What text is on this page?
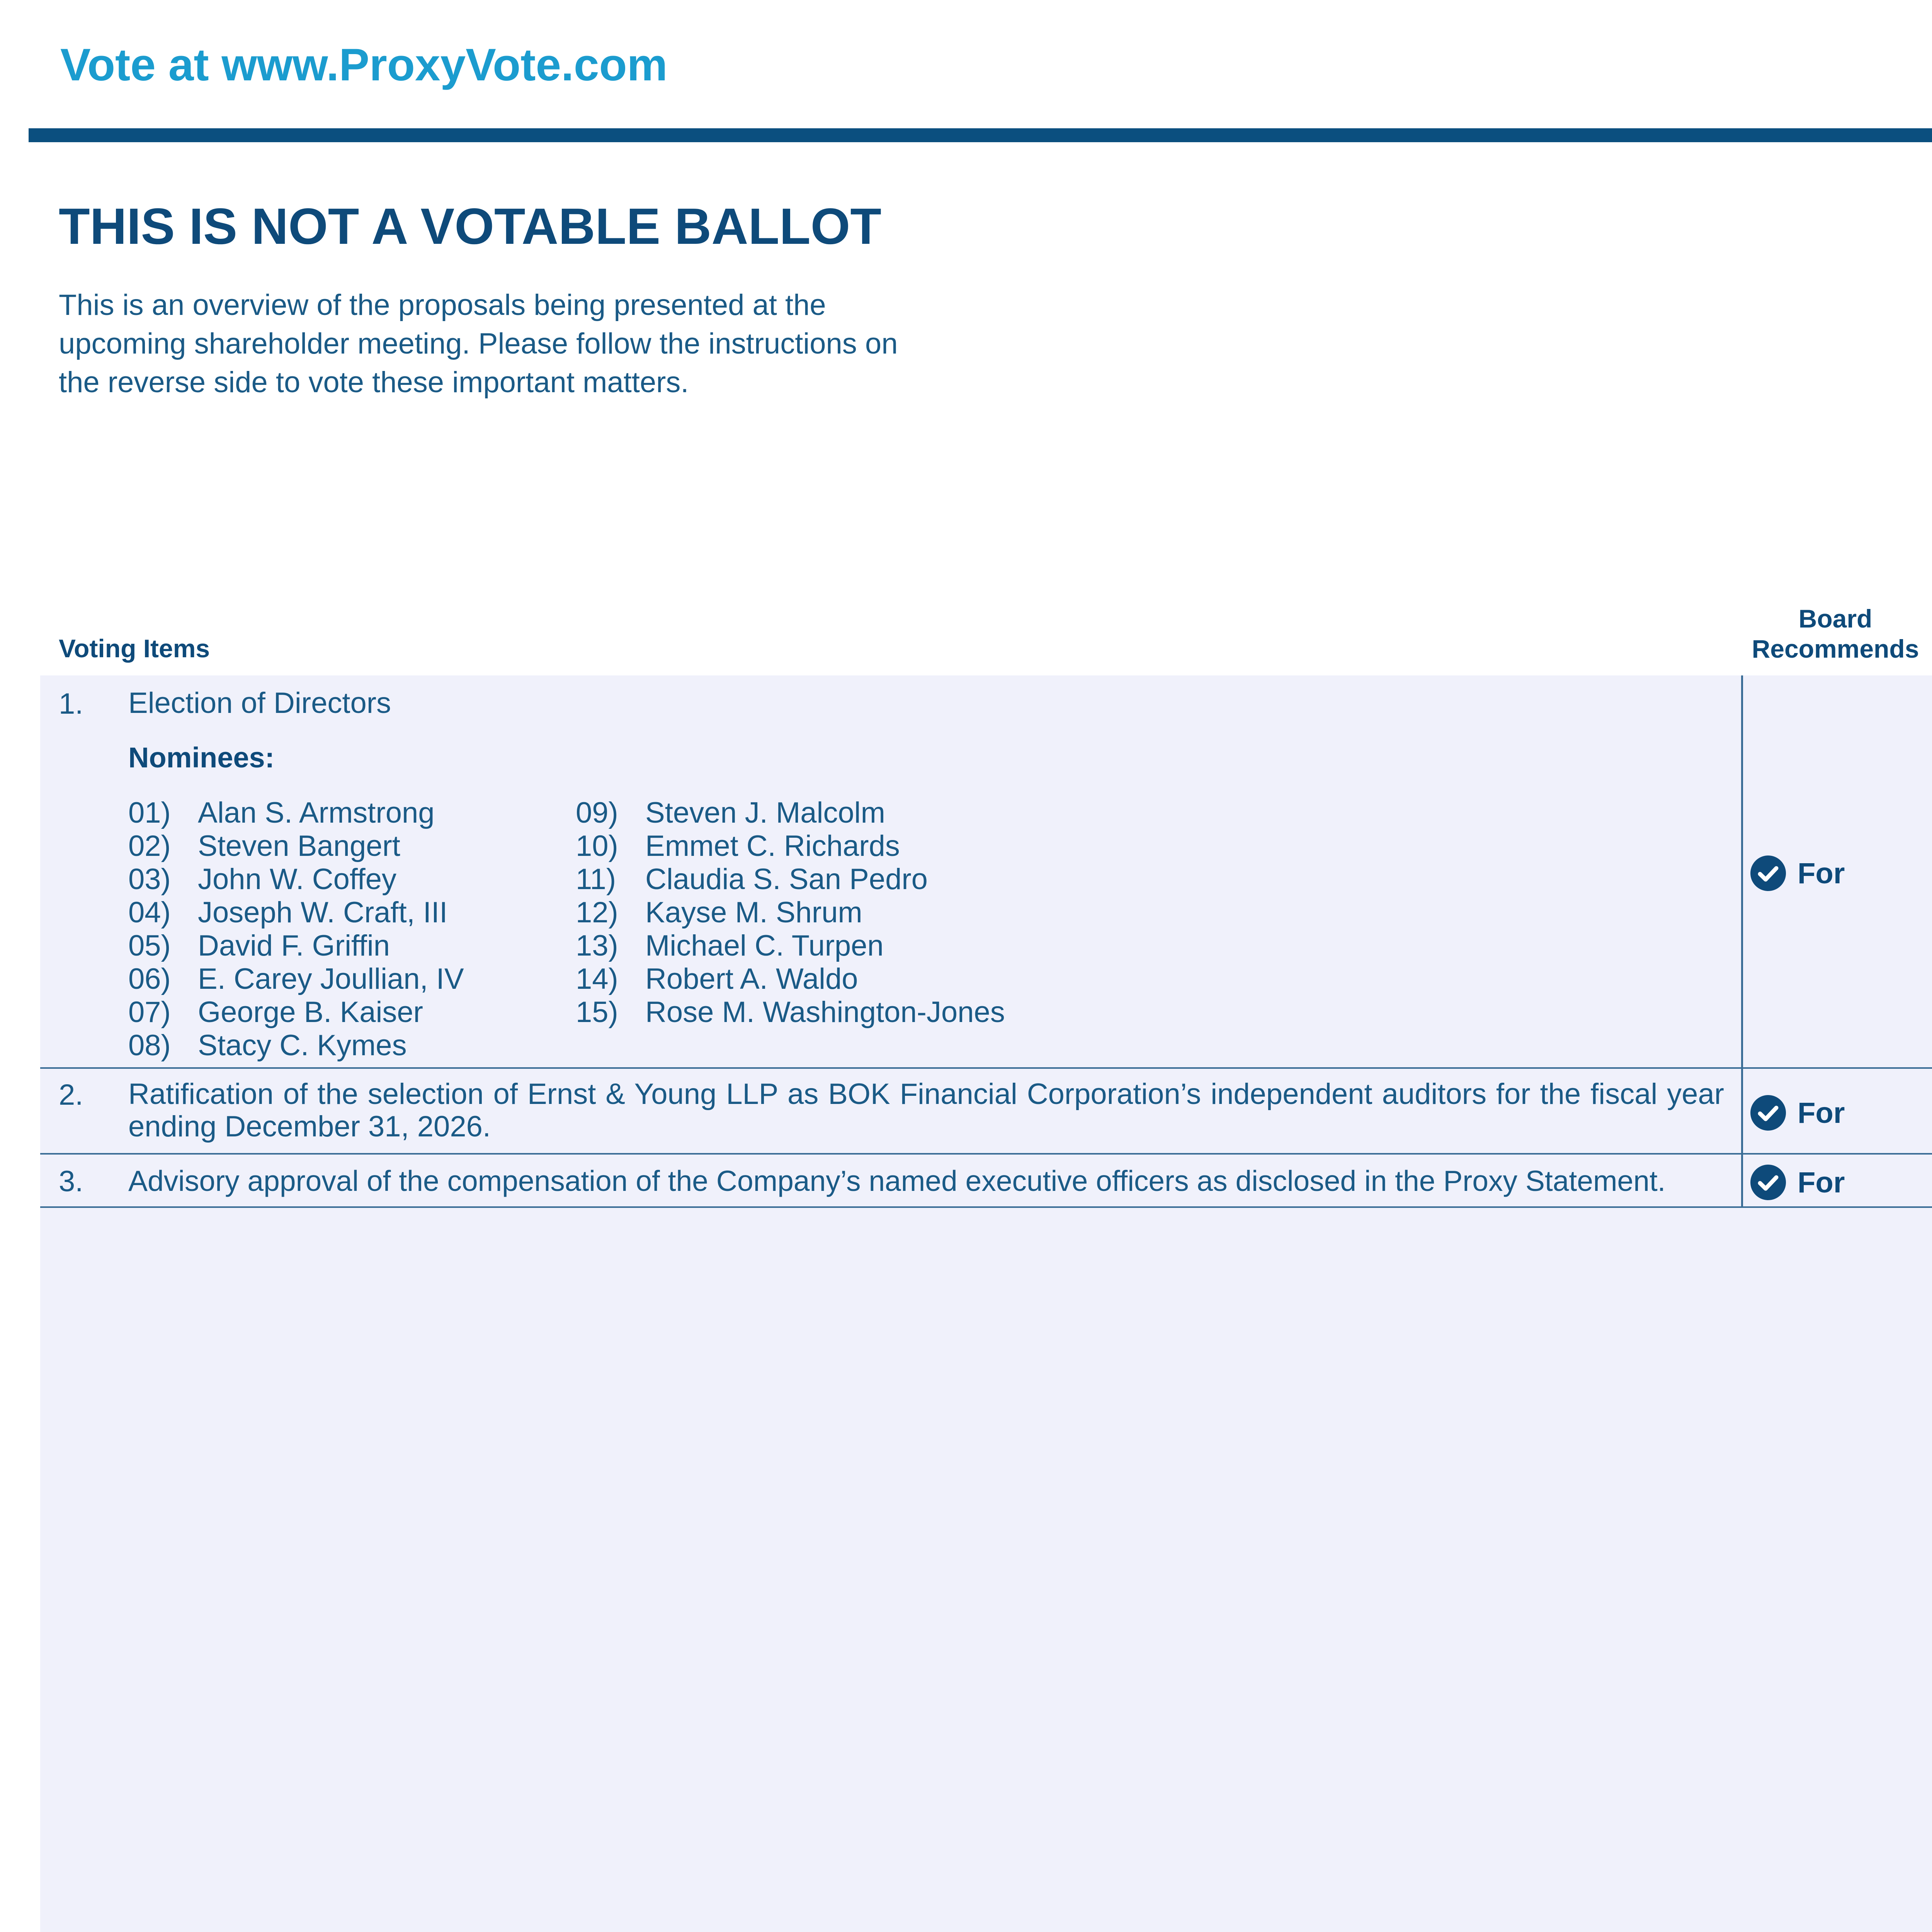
Vote at www.ProxyVote.com
THIS IS NOT A VOTABLE BALLOT
This is an overview of the proposals being presented at the
upcoming shareholder meeting. Please follow the instructions on
the reverse side to vote these important matters.
Voting Items
Board
Recommends
1. Election of Directors
Nominees:
01) Alan S. Armstrong
02) Steven Bangert
03) John W. Coffey
04) Joseph W. Craft, III
05) David F. Griffin
06) E. Carey Joullian, IV
07) George B. Kaiser
08) Stacy C. Kymes
09) Steven J. Malcolm
10) Emmet C. Richards
11) Claudia S. San Pedro
12) Kayse M. Shrum
13) Michael C. Turpen
14) Robert A. Waldo
15) Rose M. Washington-Jones
For
2. Ratification of the selection of Ernst & Young LLP as BOK Financial Corporation’s independent auditors for the fiscal year ending December 31, 2026.	For
3. Advisory approval of the compensation of the Company’s named executive officers as disclosed in the Proxy Statement.	For
